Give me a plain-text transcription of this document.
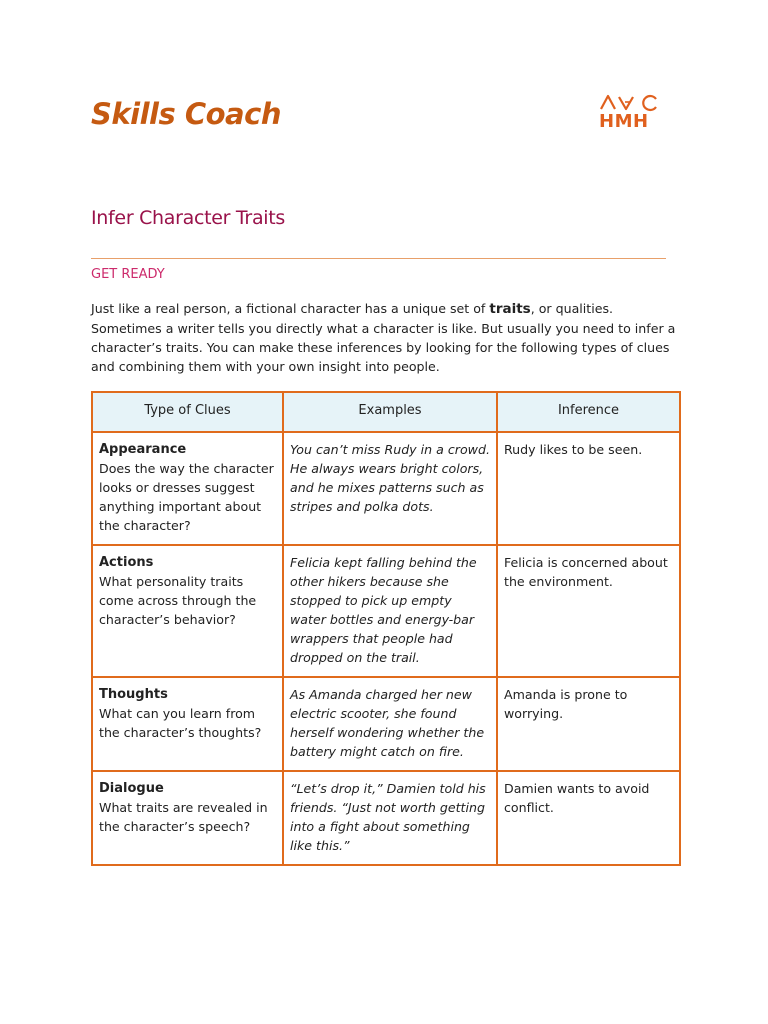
Skills Coach	HMH

Infer Character Traits

GET READY

Just like a real person, a fictional character has a unique set of traits, or qualities. Sometimes a writer tells you directly what a character is like. But usually you need to infer a character’s traits. You can make these inferences by looking for the following types of clues and combining them with your own insight into people.

Type of Clues	Examples	Inference

Appearance
Does the way the character looks or dresses suggest anything important about the character?	You can’t miss Rudy in a crowd. He always wears bright colors, and he mixes patterns such as stripes and polka dots.	Rudy likes to be seen.

Actions
What personality traits come across through the character’s behavior?	Felicia kept falling behind the other hikers because she stopped to pick up empty water bottles and energy-bar wrappers that people had dropped on the trail.	Felicia is concerned about the environment.

Thoughts
What can you learn from the character’s thoughts?	As Amanda charged her new electric scooter, she found herself wondering whether the battery might catch on fire.	Amanda is prone to worrying.

Dialogue
What traits are revealed in the character’s speech?	“Let’s drop it,” Damien told his friends. “Just not worth getting into a fight about something like this.”	Damien wants to avoid conflict.
